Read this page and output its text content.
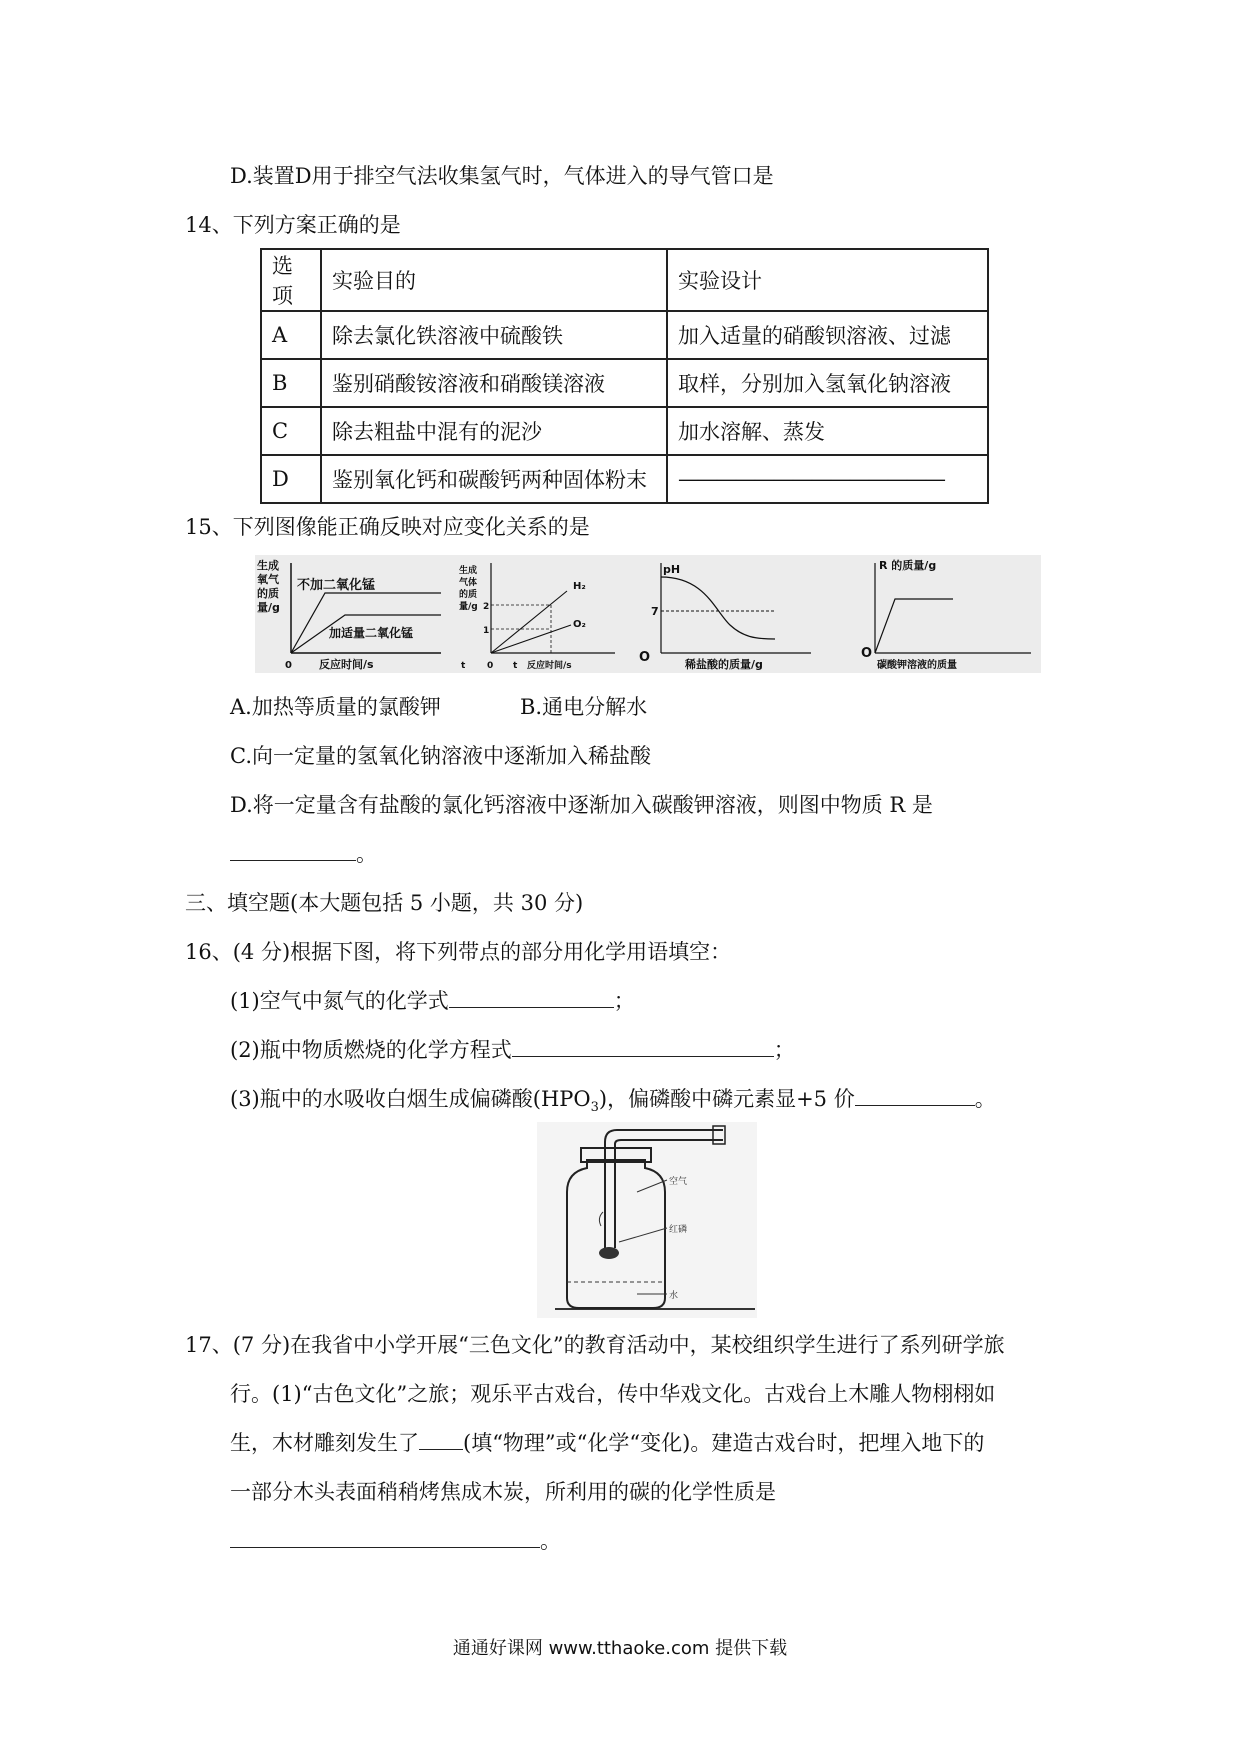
D.装置D用于排空气法收集氢气时，气体进入的导气管口是
14、下列方案正确的是
选项	实验目的	实验设计
A	除去氯化铁溶液中硫酸铁	加入适量的硝酸钡溶液、过滤
B	鉴别硝酸铵溶液和硝酸镁溶液	取样，分别加入氢氧化钠溶液
C	除去粗盐中混有的泥沙	加水溶解、蒸发
D	鉴别氧化钙和碳酸钙两种固体粉末	——————————————
15、下列图像能正确反映对应变化关系的是
生成
氧气
的质
量/g
不加二氧化锰
加适量二氧化锰
0 反应时间/s
生成
气体
的质
量/g
H₂
O₂
2
1
t 0 t 反应时间/s
pH
7
O	稀盐酸的质量/g
R 的质量/g
O
碳酸钾溶液的质量
A.加热等质量的氯酸钾	B.通电分解水
C.向一定量的氢氧化钠溶液中逐渐加入稀盐酸
D.将一定量含有盐酸的氯化钙溶液中逐渐加入碳酸钾溶液，则图中物质 R 是
。
三、填空题(本大题包括 5 小题，共 30 分)
16、(4 分)根据下图，将下列带点的部分用化学用语填空：
(1)空气中氮气的化学式	；
(2)瓶中物质燃烧的化学方程式	；
(3)瓶中的水吸收白烟生成偏磷酸$(HPO_3)$，偏磷酸中磷元素显+5 价	。
空气
红磷
水
17、(7 分)在我省中小学开展“三色文化”的教育活动中，某校组织学生进行了系列研学旅
行。(1)“古色文化”之旅；观乐平古戏台，传中华戏文化。古戏台上木雕人物栩栩如
生，木材雕刻发生了 (填“物理”或“化学“变化)。建造古戏台时，把埋入地下的
一部分木头表面稍稍烤焦成木炭，所利用的碳的化学性质是
。
通通好课网 www.tthaoke.com 提供下载
